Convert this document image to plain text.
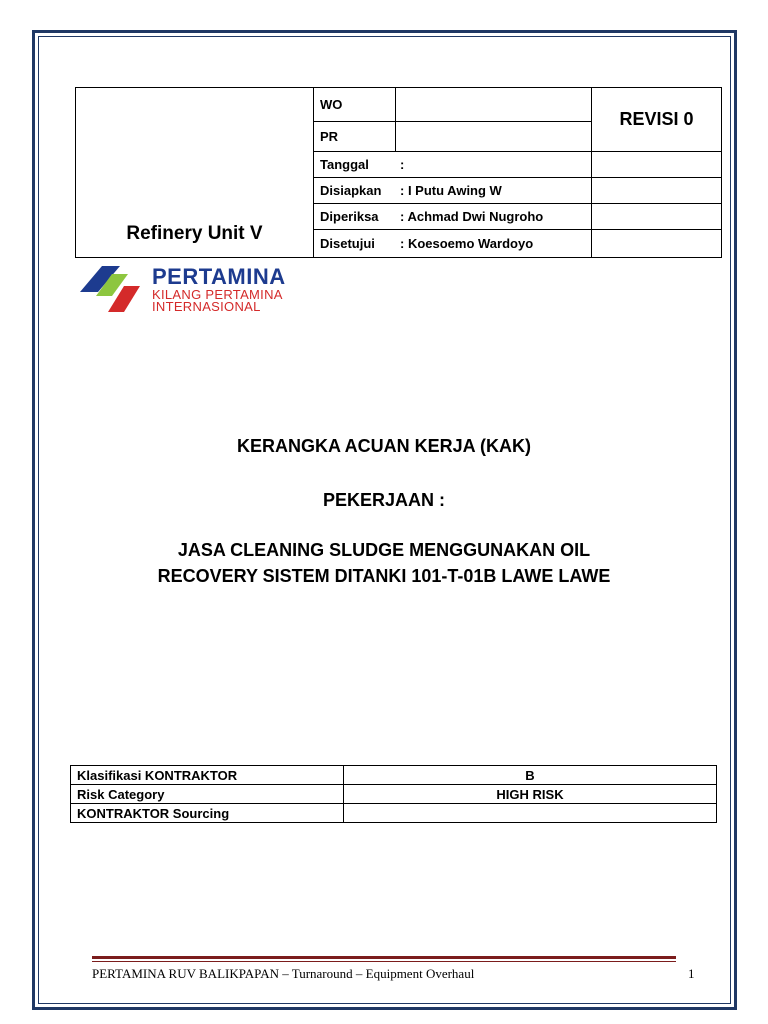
Refinery Unit V	WO		REVISI 0
	PR		
	Tanggal :		
	Disiapkan : I Putu Awing W		
	Diperiksa : Achmad Dwi Nugroho		
	Disetujui : Koesoemo Wardoyo		
PERTAMINA
KILANG PERTAMINA
INTERNASIONAL
KERANGKA ACUAN KERJA (KAK)
PEKERJAAN :
JASA CLEANING SLUDGE MENGGUNAKAN OIL
RECOVERY SISTEM DITANKI 101-T-01B LAWE LAWE
Klasifikasi KONTRAKTOR	B
Risk Category	HIGH RISK
KONTRAKTOR Sourcing	
PERTAMINA RUV BALIKPAPAN – Turnaround – Equipment Overhaul	1
